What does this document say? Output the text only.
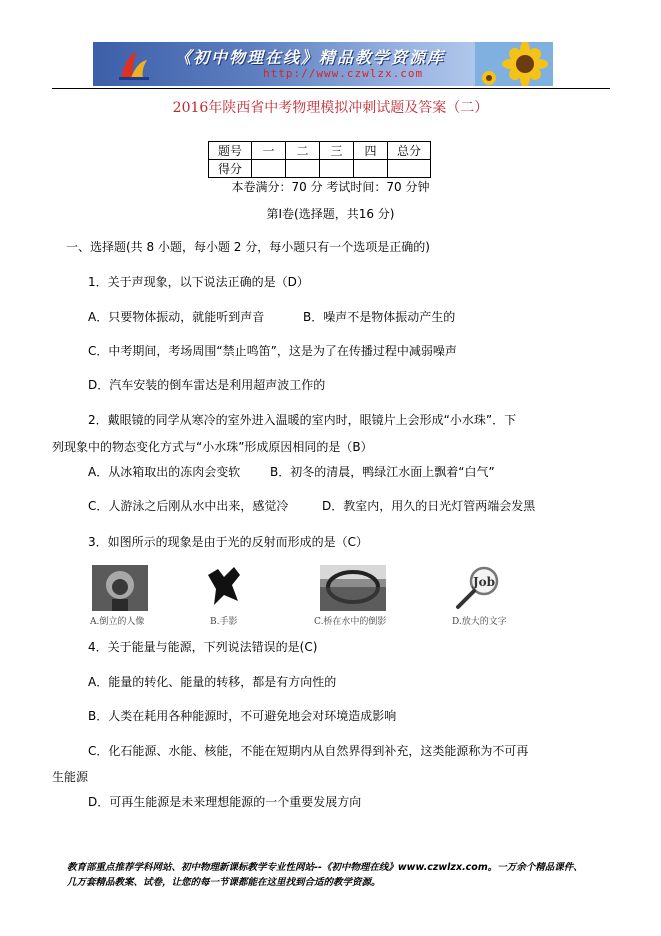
《初中物理在线》精品教学资源库
http://www.czwlzx.com
2016年陕西省中考物理模拟冲刺试题及答案（二）
题号	一	二	三	四	总分
得分					
本卷满分：70 分 考试时间：70 分钟
第Ⅰ卷(选择题，共16 分)
一、选择题(共 8 小题，每小题 2 分，每小题只有一个选项是正确的)
1．关于声现象，以下说法正确的是（D）
A．只要物体振动，就能听到声音	B．噪声不是物体振动产生的
C．中考期间，考场周围“禁止鸣笛”，这是为了在传播过程中减弱噪声
D．汽车安装的倒车雷达是利用超声波工作的
2．戴眼镜的同学从寒冷的室外进入温暖的室内时，眼镜片上会形成“小水珠”．下
列现象中的物态变化方式与“小水珠”形成原因相同的是（B）
A．从冰箱取出的冻肉会变软 B．初冬的清晨，鸭绿江水面上飘着“白气”
C．人游泳之后刚从水中出来，感觉冷	D．教室内，用久的日光灯管两端会发黑
3．如图所示的现象是由于光的反射而形成的是（C）
A.倒立的人像	B.手影	C.桥在水中的倒影
Job
D.放大的文字
4．关于能量与能源，下列说法错误的是(C)
A．能量的转化、能量的转移，都是有方向性的
B．人类在耗用各种能源时，不可避免地会对环境造成影响
C．化石能源、水能、核能，不能在短期内从自然界得到补充，这类能源称为不可再
生能源
D．可再生能源是未来理想能源的一个重要发展方向
教育部重点推荐学科网站、初中物理新课标教学专业性网站--《初中物理在线》www.czwlzx.com。一万余个精品课件、
几万套精品教案、试卷，让您的每一节课都能在这里找到合适的教学资源。
